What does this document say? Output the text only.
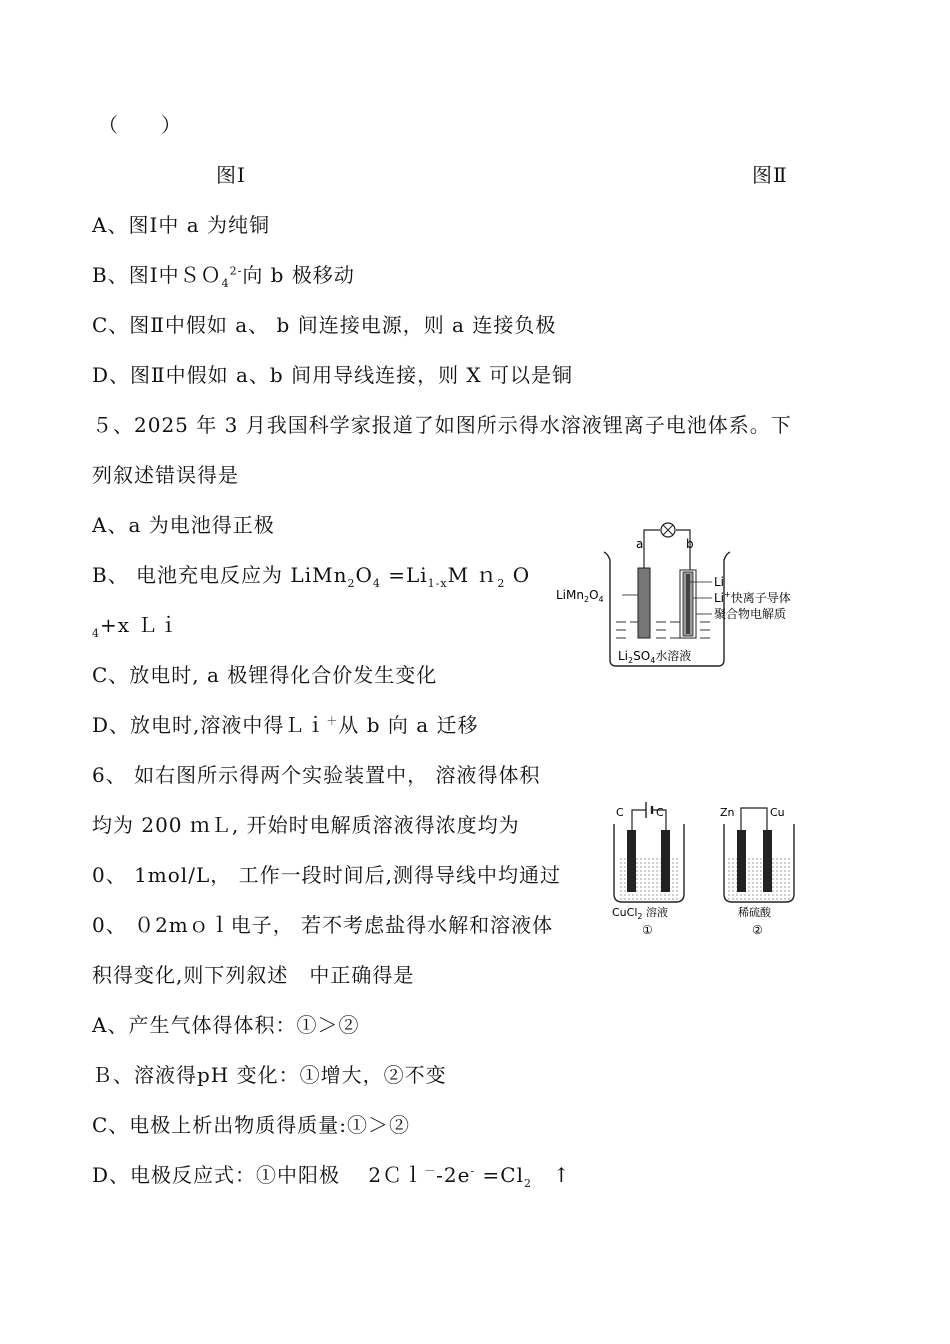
（　　）
图Ⅰ	图Ⅱ
A、图Ⅰ中 a 为纯铜
B、图Ⅰ中ＳＯ$_4^{2-}$向 b 极移动
C、图Ⅱ中假如 a、 b 间连接电源，则 a 连接负极
D、图Ⅱ中假如 a、b 间用导线连接，则 X 可以是铜
５、2025 年 3 月我国科学家报道了如图所示得水溶液锂离子电池体系。下
列叙述错误得是
A、a 为电池得正极
B、 电池充电反应为 $LiMn_2O_4 =Li_{1-x}M$ ｎ$_2$ O
$_4$+x Ｌｉ
C、放电时, a 极锂得化合价发生变化
D、放电时,溶液中得Ｌｉ＋从 b 向 a 迁移
a	b
$LiMn_2O_4$
Li
Li+快离子导体
聚合物电解质
$Li_2SO_4$水溶液
6、 如右图所示得两个实验装置中， 溶液得体积
均为 200 ｍＬ, 开始时电解质溶液得浓度均为
0、 1mol/L， 工作一段时间后,测得导线中均通过
0、 ０2mｏｌ电子， 若不考虑盐得水解和溶液体
积得变化,则下列叙述　中正确得是
A、产生气体得体积：①＞②
Ｂ、溶液得pH 变化：①增大，②不变
C、电极上析出物质得质量:①＞②
D、电极反应式：①中阳极　 2Ｃｌ－-2e- $=Cl_2$　↑
C	C
CuCl$_2$ 溶液
①
Zn	Cu
稀硫酸
②
